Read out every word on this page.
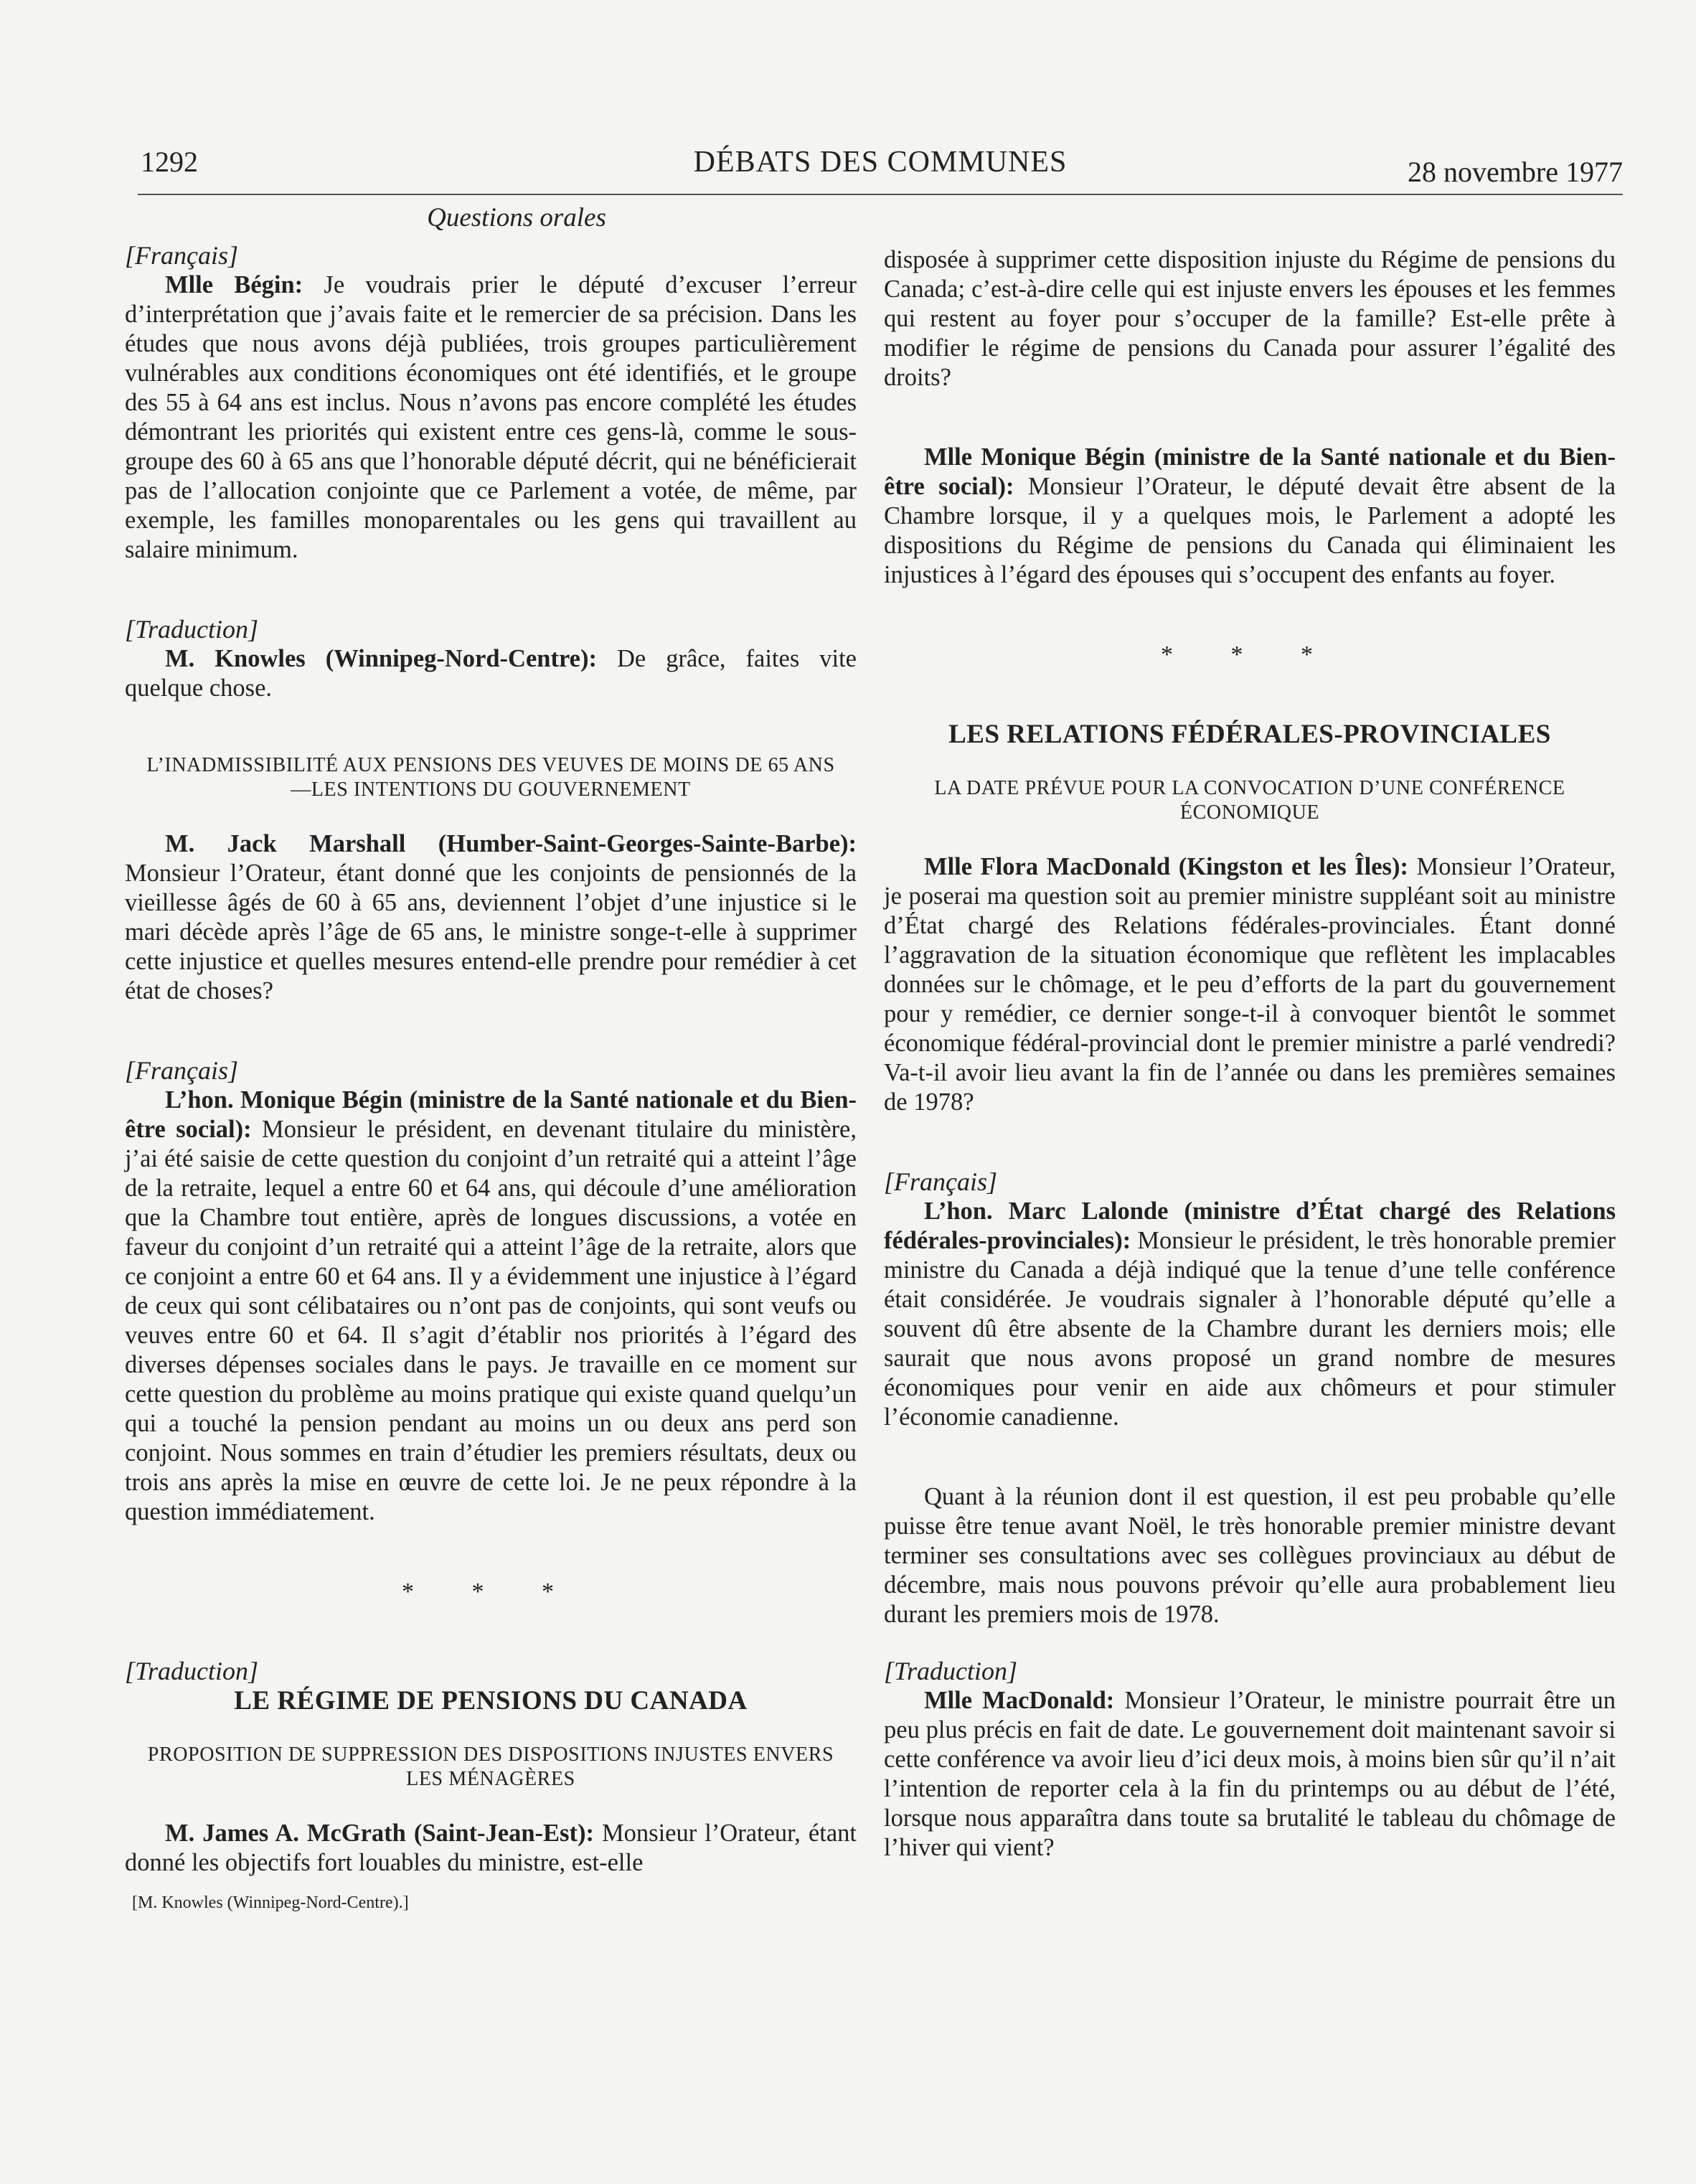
1292	DÉBATS DES COMMUNES	28 novembre 1977
Questions orales

[Français]

Mlle Bégin: Je voudrais prier le député d’excuser l’erreur d’interprétation que j’avais faite et le remercier de sa précision. Dans les études que nous avons déjà publiées, trois groupes particulièrement vulnérables aux conditions économiques ont été identifiés, et le groupe des 55 à 64 ans est inclus. Nous n’avons pas encore complété les études démontrant les priorités qui existent entre ces gens-là, comme le sous-groupe des 60 à 65 ans que l’honorable député décrit, qui ne bénéficierait pas de l’allocation conjointe que ce Parlement a votée, de même, par exemple, les familles monoparentales ou les gens qui travaillent au salaire minimum.

[Traduction]

M. Knowles (Winnipeg-Nord-Centre): De grâce, faites vite quelque chose.

L’INADMISSIBILITÉ AUX PENSIONS DES VEUVES DE MOINS DE 65 ANS—LES INTENTIONS DU GOUVERNEMENT

M. Jack Marshall (Humber-Saint-Georges-Sainte-Barbe): Monsieur l’Orateur, étant donné que les conjoints de pensionnés de la vieillesse âgés de 60 à 65 ans, deviennent l’objet d’une injustice si le mari décède après l’âge de 65 ans, le ministre songe-t-elle à supprimer cette injustice et quelles mesures entend-elle prendre pour remédier à cet état de choses?

[Français]

L’hon. Monique Bégin (ministre de la Santé nationale et du Bien-être social): Monsieur le président, en devenant titulaire du ministère, j’ai été saisie de cette question du conjoint d’un retraité qui a atteint l’âge de la retraite, lequel a entre 60 et 64 ans, qui découle d’une amélioration que la Chambre tout entière, après de longues discussions, a votée en faveur du conjoint d’un retraité qui a atteint l’âge de la retraite, alors que ce conjoint a entre 60 et 64 ans. Il y a évidemment une injustice à l’égard de ceux qui sont célibataires ou n’ont pas de conjoints, qui sont veufs ou veuves entre 60 et 64. Il s’agit d’établir nos priorités à l’égard des diverses dépenses sociales dans le pays. Je travaille en ce moment sur cette question du problème au moins pratique qui existe quand quelqu’un qui a touché la pension pendant au moins un ou deux ans perd son conjoint. Nous sommes en train d’étudier les premiers résultats, deux ou trois ans après la mise en œuvre de cette loi. Je ne peux répondre à la question immédiatement.

* * *

[Traduction]

LE RÉGIME DE PENSIONS DU CANADA

PROPOSITION DE SUPPRESSION DES DISPOSITIONS INJUSTES ENVERS LES MÉNAGÈRES

M. James A. McGrath (Saint-Jean-Est): Monsieur l’Orateur, étant donné les objectifs fort louables du ministre, est-elle

[M. Knowles (Winnipeg-Nord-Centre).]

disposée à supprimer cette disposition injuste du Régime de pensions du Canada; c’est-à-dire celle qui est injuste envers les épouses et les femmes qui restent au foyer pour s’occuper de la famille? Est-elle prête à modifier le régime de pensions du Canada pour assurer l’égalité des droits?

Mlle Monique Bégin (ministre de la Santé nationale et du Bien-être social): Monsieur l’Orateur, le député devait être absent de la Chambre lorsque, il y a quelques mois, le Parlement a adopté les dispositions du Régime de pensions du Canada qui éliminaient les injustices à l’égard des épouses qui s’occupent des enfants au foyer.

* * *

LES RELATIONS FÉDÉRALES-PROVINCIALES

LA DATE PRÉVUE POUR LA CONVOCATION D’UNE CONFÉRENCE ÉCONOMIQUE

Mlle Flora MacDonald (Kingston et les Îles): Monsieur l’Orateur, je poserai ma question soit au premier ministre suppléant soit au ministre d’État chargé des Relations fédérales-provinciales. Étant donné l’aggravation de la situation économique que reflètent les implacables données sur le chômage, et le peu d’efforts de la part du gouvernement pour y remédier, ce dernier songe-t-il à convoquer bientôt le sommet économique fédéral-provincial dont le premier ministre a parlé vendredi? Va-t-il avoir lieu avant la fin de l’année ou dans les premières semaines de 1978?

[Français]

L’hon. Marc Lalonde (ministre d’État chargé des Relations fédérales-provinciales): Monsieur le président, le très honorable premier ministre du Canada a déjà indiqué que la tenue d’une telle conférence était considérée. Je voudrais signaler à l’honorable député qu’elle a souvent dû être absente de la Chambre durant les derniers mois; elle saurait que nous avons proposé un grand nombre de mesures économiques pour venir en aide aux chômeurs et pour stimuler l’économie canadienne.

Quant à la réunion dont il est question, il est peu probable qu’elle puisse être tenue avant Noël, le très honorable premier ministre devant terminer ses consultations avec ses collègues provinciaux au début de décembre, mais nous pouvons prévoir qu’elle aura probablement lieu durant les premiers mois de 1978.

[Traduction]

Mlle MacDonald: Monsieur l’Orateur, le ministre pourrait être un peu plus précis en fait de date. Le gouvernement doit maintenant savoir si cette conférence va avoir lieu d’ici deux mois, à moins bien sûr qu’il n’ait l’intention de reporter cela à la fin du printemps ou au début de l’été, lorsque nous apparaîtra dans toute sa brutalité le tableau du chômage de l’hiver qui vient?
